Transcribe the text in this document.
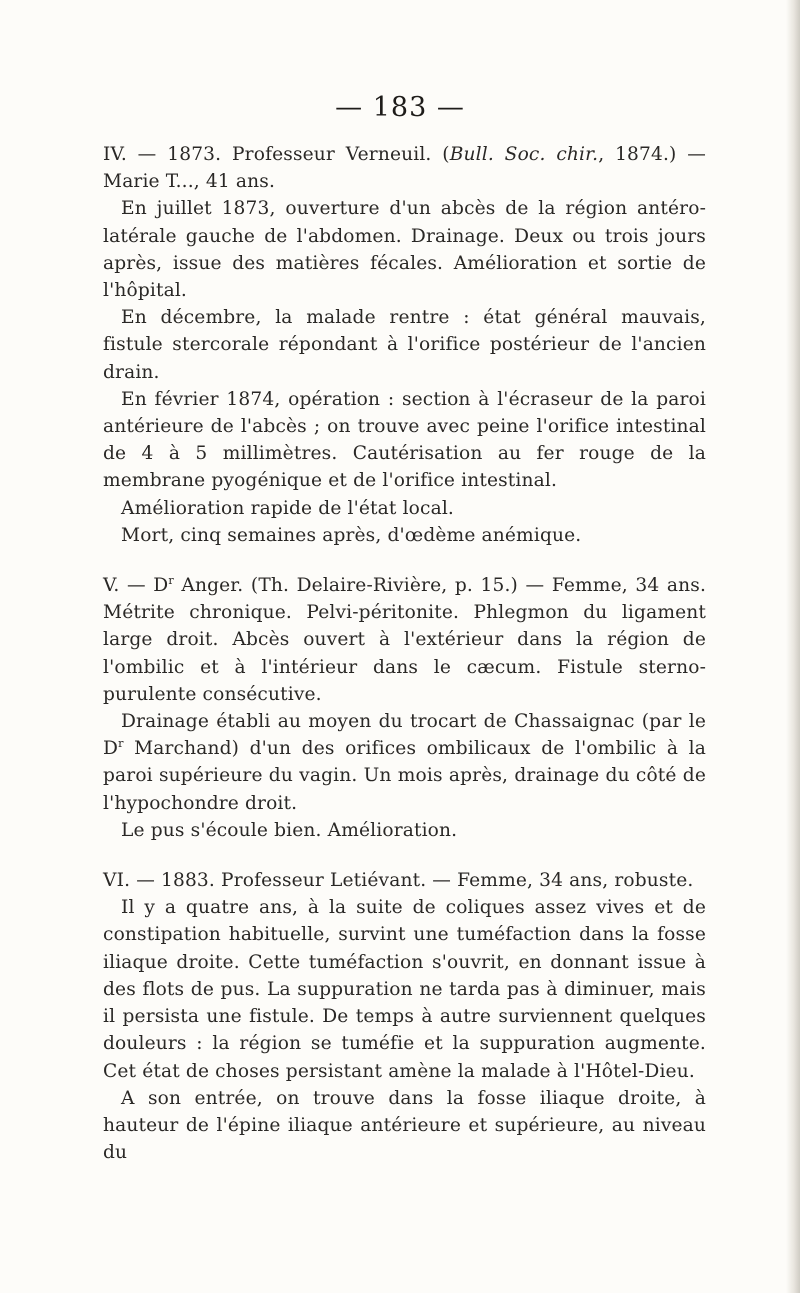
— 183 —

IV. — 1873. Professeur Verneuil. (Bull. Soc. chir., 1874.) — Marie T..., 41 ans.

En juillet 1873, ouverture d'un abcès de la région antéro-latérale gauche de l'abdomen. Drainage. Deux ou trois jours après, issue des matières fécales. Amélioration et sortie de l'hôpital.

En décembre, la malade rentre : état général mauvais, fistule stercorale répondant à l'orifice postérieur de l'ancien drain.

En février 1874, opération : section à l'écraseur de la paroi antérieure de l'abcès ; on trouve avec peine l'orifice intestinal de 4 à 5 millimètres. Cautérisation au fer rouge de la membrane pyogénique et de l'orifice intestinal.

Amélioration rapide de l'état local.

Mort, cinq semaines après, d'œdème anémique.

V. — $D^r$ Anger. (Th. Delaire-Rivière, p. 15.) — Femme, 34 ans. Métrite chronique. Pelvi-péritonite. Phlegmon du ligament large droit. Abcès ouvert à l'extérieur dans la région de l'ombilic et à l'intérieur dans le cæcum. Fistule sterno-purulente consécutive.

Drainage établi au moyen du trocart de Chassaignac (par le $D^r$ Marchand) d'un des orifices ombilicaux de l'ombilic à la paroi supérieure du vagin. Un mois après, drainage du côté de l'hypochondre droit.

Le pus s'écoule bien. Amélioration.

VI. — 1883. Professeur Letiévant. — Femme, 34 ans, robuste.

Il y a quatre ans, à la suite de coliques assez vives et de constipation habituelle, survint une tuméfaction dans la fosse iliaque droite. Cette tuméfaction s'ouvrit, en donnant issue à des flots de pus. La suppuration ne tarda pas à diminuer, mais il persista une fistule. De temps à autre surviennent quelques douleurs : la région se tuméfie et la suppuration augmente. Cet état de choses persistant amène la malade à l'Hôtel-Dieu.

A son entrée, on trouve dans la fosse iliaque droite, à hauteur de l'épine iliaque antérieure et supérieure, au niveau du
